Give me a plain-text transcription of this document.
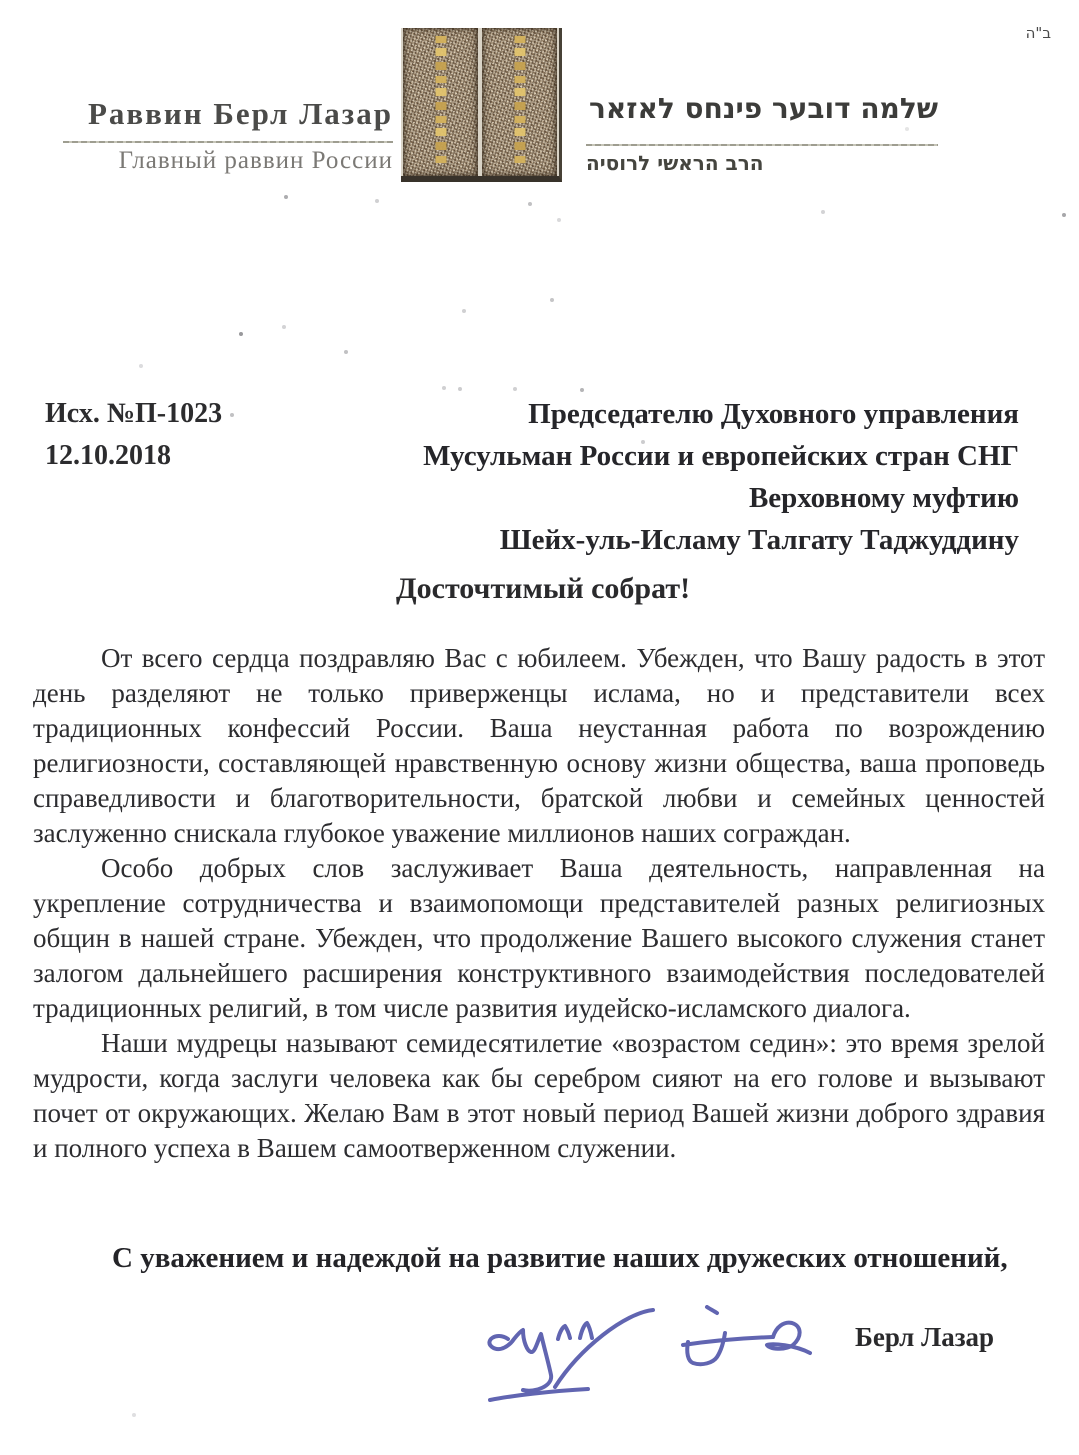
ב"ה
Раввин Берл Лазар
Главный раввин России
שלמה דובער פינחס לאזאר
הרב הראשי לרוסיה
Исх. №П-1023
12.10.2018
Председателю Духовного управления
Мусульман России и европейских стран СНГ
Верховному муфтию
Шейх-уль-Исламу Талгату Таджуддину
Досточтимый собрат!

От всего сердца поздравляю Вас с юбилеем. Убежден, что Вашу радость в этот день разделяют не только приверженцы ислама, но и представители всех традиционных конфессий России. Ваша неустанная работа по возрождению религиозности, составляющей нравственную основу жизни общества, ваша проповедь справедливости и благотворительности, братской любви и семейных ценностей заслуженно снискала глубокое уважение миллионов наших сограждан.

Особо добрых слов заслуживает Ваша деятельность, направленная на укрепление сотрудничества и взаимопомощи представителей разных религиозных общин в нашей стране. Убежден, что продолжение Вашего высокого служения станет залогом дальнейшего расширения конструктивного взаимодействия последователей традиционных религий, в том числе развития иудейско-исламского диалога.

Наши мудрецы называют семидесятилетие «возрастом седин»: это время зрелой мудрости, когда заслуги человека как бы серебром сияют на его голове и вызывают почет от окружающих. Желаю Вам в этот новый период Вашей жизни доброго здравия и полного успеха в Вашем самоотверженном служении.

С уважением и надеждой на развитие наших дружеских отношений,
Берл Лазар
